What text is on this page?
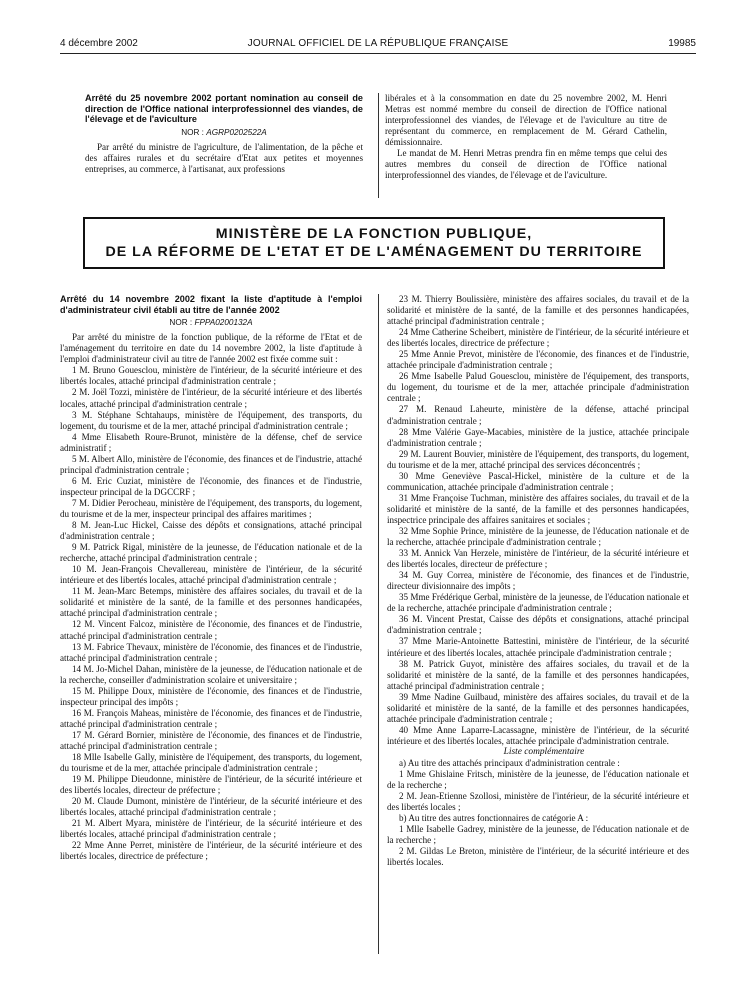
4 décembre 2002	JOURNAL OFFICIEL DE LA RÉPUBLIQUE FRANÇAISE	19985

Arrêté du 25 novembre 2002 portant nomination au conseil de direction de l'Office national interprofessionnel des viandes, de l'élevage et de l'aviculture

NOR : AGRP0202522A

Par arrêté du ministre de l'agriculture, de l'alimentation, de la pêche et des affaires rurales et du secrétaire d'Etat aux petites et moyennes entreprises, au commerce, à l'artisanat, aux professions

libérales et à la consommation en date du 25 novembre 2002, M. Henri Metras est nommé membre du conseil de direction de l'Office national interprofessionnel des viandes, de l'élevage et de l'aviculture au titre de représentant du commerce, en remplacement de M. Gérard Cathelin, démissionnaire.

Le mandat de M. Henri Metras prendra fin en même temps que celui des autres membres du conseil de direction de l'Office national interprofessionnel des viandes, de l'élevage et de l'aviculture.

MINISTÈRE DE LA FONCTION PUBLIQUE,
DE LA RÉFORME DE L'ETAT ET DE L'AMÉNAGEMENT DU TERRITOIRE

Arrêté du 14 novembre 2002 fixant la liste d'aptitude à l'emploi d'administrateur civil établi au titre de l'année 2002

NOR : FPPA0200132A

Par arrêté du ministre de la fonction publique, de la réforme de l'Etat et de l'aménagement du territoire en date du 14 novembre 2002, la liste d'aptitude à l'emploi d'administrateur civil au titre de l'année 2002 est fixée comme suit :

1 M. Bruno Gouesclou, ministère de l'intérieur, de la sécurité intérieure et des libertés locales, attaché principal d'administration centrale ;

2 M. Joël Tozzi, ministère de l'intérieur, de la sécurité intérieure et des libertés locales, attaché principal d'administration centrale ;

3 M. Stéphane Schtahaups, ministère de l'équipement, des transports, du logement, du tourisme et de la mer, attaché principal d'administration centrale ;

4 Mme Elisabeth Roure-Brunot, ministère de la défense, chef de service administratif ;

5 M. Albert Allo, ministère de l'économie, des finances et de l'industrie, attaché principal d'administration centrale ;

6 M. Eric Cuziat, ministère de l'économie, des finances et de l'industrie, inspecteur principal de la DGCCRF ;

7 M. Didier Perocheau, ministère de l'équipement, des transports, du logement, du tourisme et de la mer, inspecteur principal des affaires maritimes ;

8 M. Jean-Luc Hickel, Caisse des dépôts et consignations, attaché principal d'administration centrale ;

9 M. Patrick Rigal, ministère de la jeunesse, de l'éducation nationale et de la recherche, attaché principal d'administration centrale ;

10 M. Jean-François Chevallereau, ministère de l'intérieur, de la sécurité intérieure et des libertés locales, attaché principal d'administration centrale ;

11 M. Jean-Marc Betemps, ministère des affaires sociales, du travail et de la solidarité et ministère de la santé, de la famille et des personnes handicapées, attaché principal d'administration centrale ;

12 M. Vincent Falcoz, ministère de l'économie, des finances et de l'industrie, attaché principal d'administration centrale ;

13 M. Fabrice Thevaux, ministère de l'économie, des finances et de l'industrie, attaché principal d'administration centrale ;

14 M. Jo-Michel Dahan, ministère de la jeunesse, de l'éducation nationale et de la recherche, conseiller d'administration scolaire et universitaire ;

15 M. Philippe Doux, ministère de l'économie, des finances et de l'industrie, inspecteur principal des impôts ;

16 M. François Maheas, ministère de l'économie, des finances et de l'industrie, attaché principal d'administration centrale ;

17 M. Gérard Bornier, ministère de l'économie, des finances et de l'industrie, attaché principal d'administration centrale ;

18 Mlle Isabelle Gally, ministère de l'équipement, des transports, du logement, du tourisme et de la mer, attachée principale d'administration centrale ;

19 M. Philippe Dieudonne, ministère de l'intérieur, de la sécurité intérieure et des libertés locales, directeur de préfecture ;

20 M. Claude Dumont, ministère de l'intérieur, de la sécurité intérieure et des libertés locales, attaché principal d'administration centrale ;

21 M. Albert Myara, ministère de l'intérieur, de la sécurité intérieure et des libertés locales, attaché principal d'administration centrale ;

22 Mme Anne Perret, ministère de l'intérieur, de la sécurité intérieure et des libertés locales, directrice de préfecture ;

23 M. Thierry Boulissière, ministère des affaires sociales, du travail et de la solidarité et ministère de la santé, de la famille et des personnes handicapées, attaché principal d'administration centrale ;

24 Mme Catherine Scheibert, ministère de l'intérieur, de la sécurité intérieure et des libertés locales, directrice de préfecture ;

25 Mme Annie Prevot, ministère de l'économie, des finances et de l'industrie, attachée principale d'administration centrale ;

26 Mme Isabelle Palud Gouesclou, ministère de l'équipement, des transports, du logement, du tourisme et de la mer, attachée principale d'administration centrale ;

27 M. Renaud Laheurte, ministère de la défense, attaché principal d'administration centrale ;

28 Mme Valérie Gaye-Macabies, ministère de la justice, attachée principale d'administration centrale ;

29 M. Laurent Bouvier, ministère de l'équipement, des transports, du logement, du tourisme et de la mer, attaché principal des services déconcentrés ;

30 Mme Geneviève Pascal-Hickel, ministère de la culture et de la communication, attachée principale d'administration centrale ;

31 Mme Françoise Tuchman, ministère des affaires sociales, du travail et de la solidarité et ministère de la santé, de la famille et des personnes handicapées, inspectrice principale des affaires sanitaires et sociales ;

32 Mme Sophie Prince, ministère de la jeunesse, de l'éducation nationale et de la recherche, attachée principale d'administration centrale ;

33 M. Annick Van Herzele, ministère de l'intérieur, de la sécurité intérieure et des libertés locales, directeur de préfecture ;

34 M. Guy Correa, ministère de l'économie, des finances et de l'industrie, directeur divisionnaire des impôts ;

35 Mme Frédérique Gerbal, ministère de la jeunesse, de l'éducation nationale et de la recherche, attachée principale d'administration centrale ;

36 M. Vincent Prestat, Caisse des dépôts et consignations, attaché principal d'administration centrale ;

37 Mme Marie-Antoinette Battestini, ministère de l'intérieur, de la sécurité intérieure et des libertés locales, attachée principale d'administration centrale ;

38 M. Patrick Guyot, ministère des affaires sociales, du travail et de la solidarité et ministère de la santé, de la famille et des personnes handicapées, attaché principal d'administration centrale ;

39 Mme Nadine Guilbaud, ministère des affaires sociales, du travail et de la solidarité et ministère de la santé, de la famille et des personnes handicapées, attachée principale d'administration centrale ;

40 Mme Anne Laparre-Lacassagne, ministère de l'intérieur, de la sécurité intérieure et des libertés locales, attachée principale d'administration centrale.

Liste complémentaire

a) Au titre des attachés principaux d'administration centrale :

1 Mme Ghislaine Fritsch, ministère de la jeunesse, de l'éducation nationale et de la recherche ;

2 M. Jean-Etienne Szollosi, ministère de l'intérieur, de la sécurité intérieure et des libertés locales ;

b) Au titre des autres fonctionnaires de catégorie A :

1 Mlle Isabelle Gadrey, ministère de la jeunesse, de l'éducation nationale et de la recherche ;

2 M. Gildas Le Breton, ministère de l'intérieur, de la sécurité intérieure et des libertés locales.
